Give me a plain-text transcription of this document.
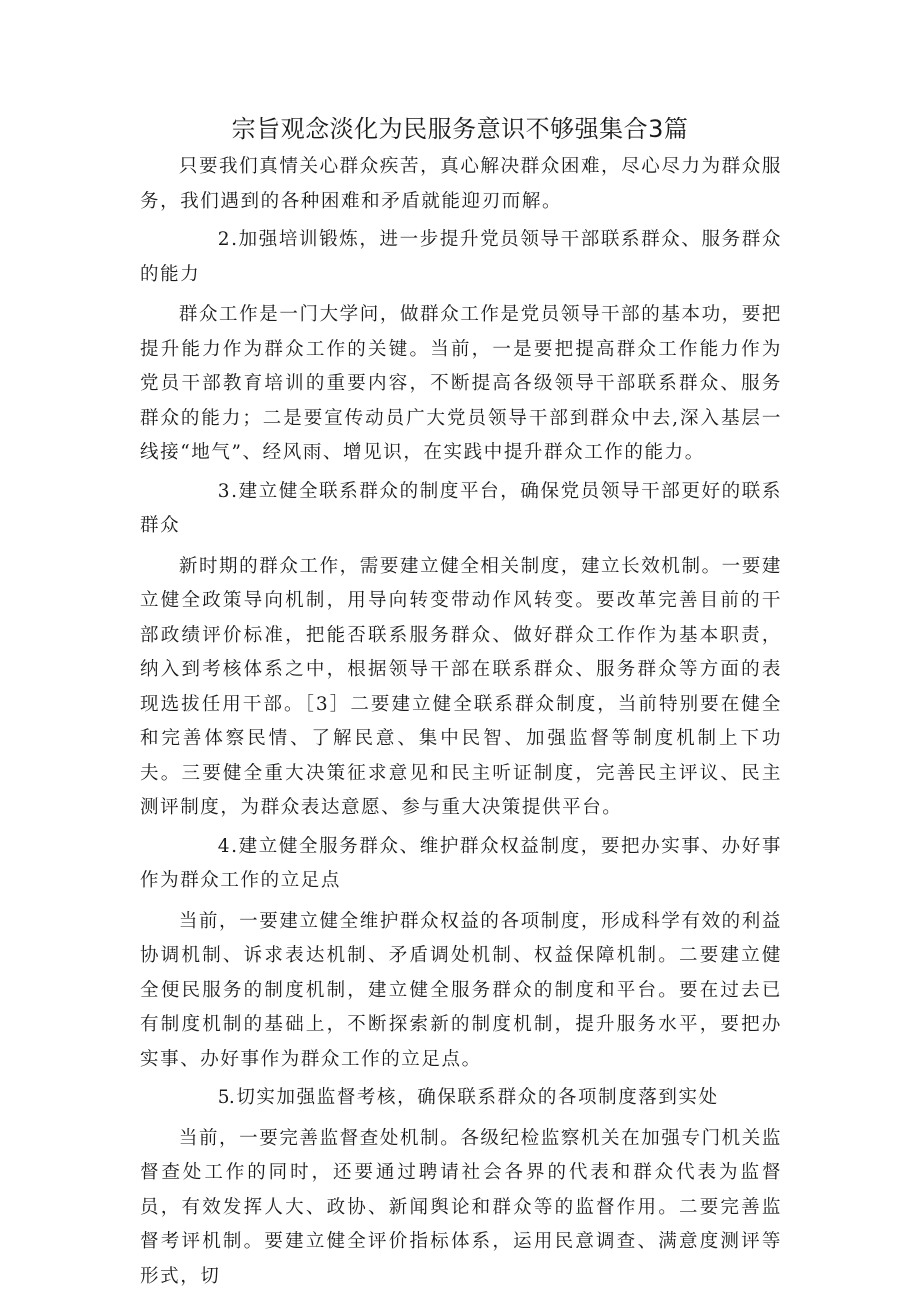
宗旨观念淡化为民服务意识不够强集合3篇

只要我们真情关心群众疾苦，真心解决群众困难，尽心尽力为群众服务，我们遇到的各种困难和矛盾就能迎刃而解。

2.加强培训锻炼，进一步提升党员领导干部联系群众、服务群众的能力

群众工作是一门大学问，做群众工作是党员领导干部的基本功，要把提升能力作为群众工作的关键。当前，一是要把提高群众工作能力作为党员干部教育培训的重要内容，不断提高各级领导干部联系群众、服务群众的能力；二是要宣传动员广大党员领导干部到群众中去,深入基层一线接“地气”、经风雨、增见识，在实践中提升群众工作的能力。

3.建立健全联系群众的制度平台，确保党员领导干部更好的联系群众

新时期的群众工作，需要建立健全相关制度，建立长效机制。一要建立健全政策导向机制，用导向转变带动作风转变。要改革完善目前的干部政绩评价标准，把能否联系服务群众、做好群众工作作为基本职责，纳入到考核体系之中，根据领导干部在联系群众、服务群众等方面的表现选拔任用干部。［3］二要建立健全联系群众制度，当前特别要在健全和完善体察民情、了解民意、集中民智、加强监督等制度机制上下功夫。三要健全重大决策征求意见和民主听证制度，完善民主评议、民主测评制度，为群众表达意愿、参与重大决策提供平台。

4.建立健全服务群众、维护群众权益制度，要把办实事、办好事作为群众工作的立足点

当前，一要建立健全维护群众权益的各项制度，形成科学有效的利益协调机制、诉求表达机制、矛盾调处机制、权益保障机制。二要建立健全便民服务的制度机制，建立健全服务群众的制度和平台。要在过去已有制度机制的基础上，不断探索新的制度机制，提升服务水平，要把办实事、办好事作为群众工作的立足点。

5.切实加强监督考核，确保联系群众的各项制度落到实处

当前，一要完善监督查处机制。各级纪检监察机关在加强专门机关监督查处工作的同时，还要通过聘请社会各界的代表和群众代表为监督员，有效发挥人大、政协、新闻舆论和群众等的监督作用。二要完善监督考评机制。要建立健全评价指标体系，运用民意调查、满意度测评等形式，切
